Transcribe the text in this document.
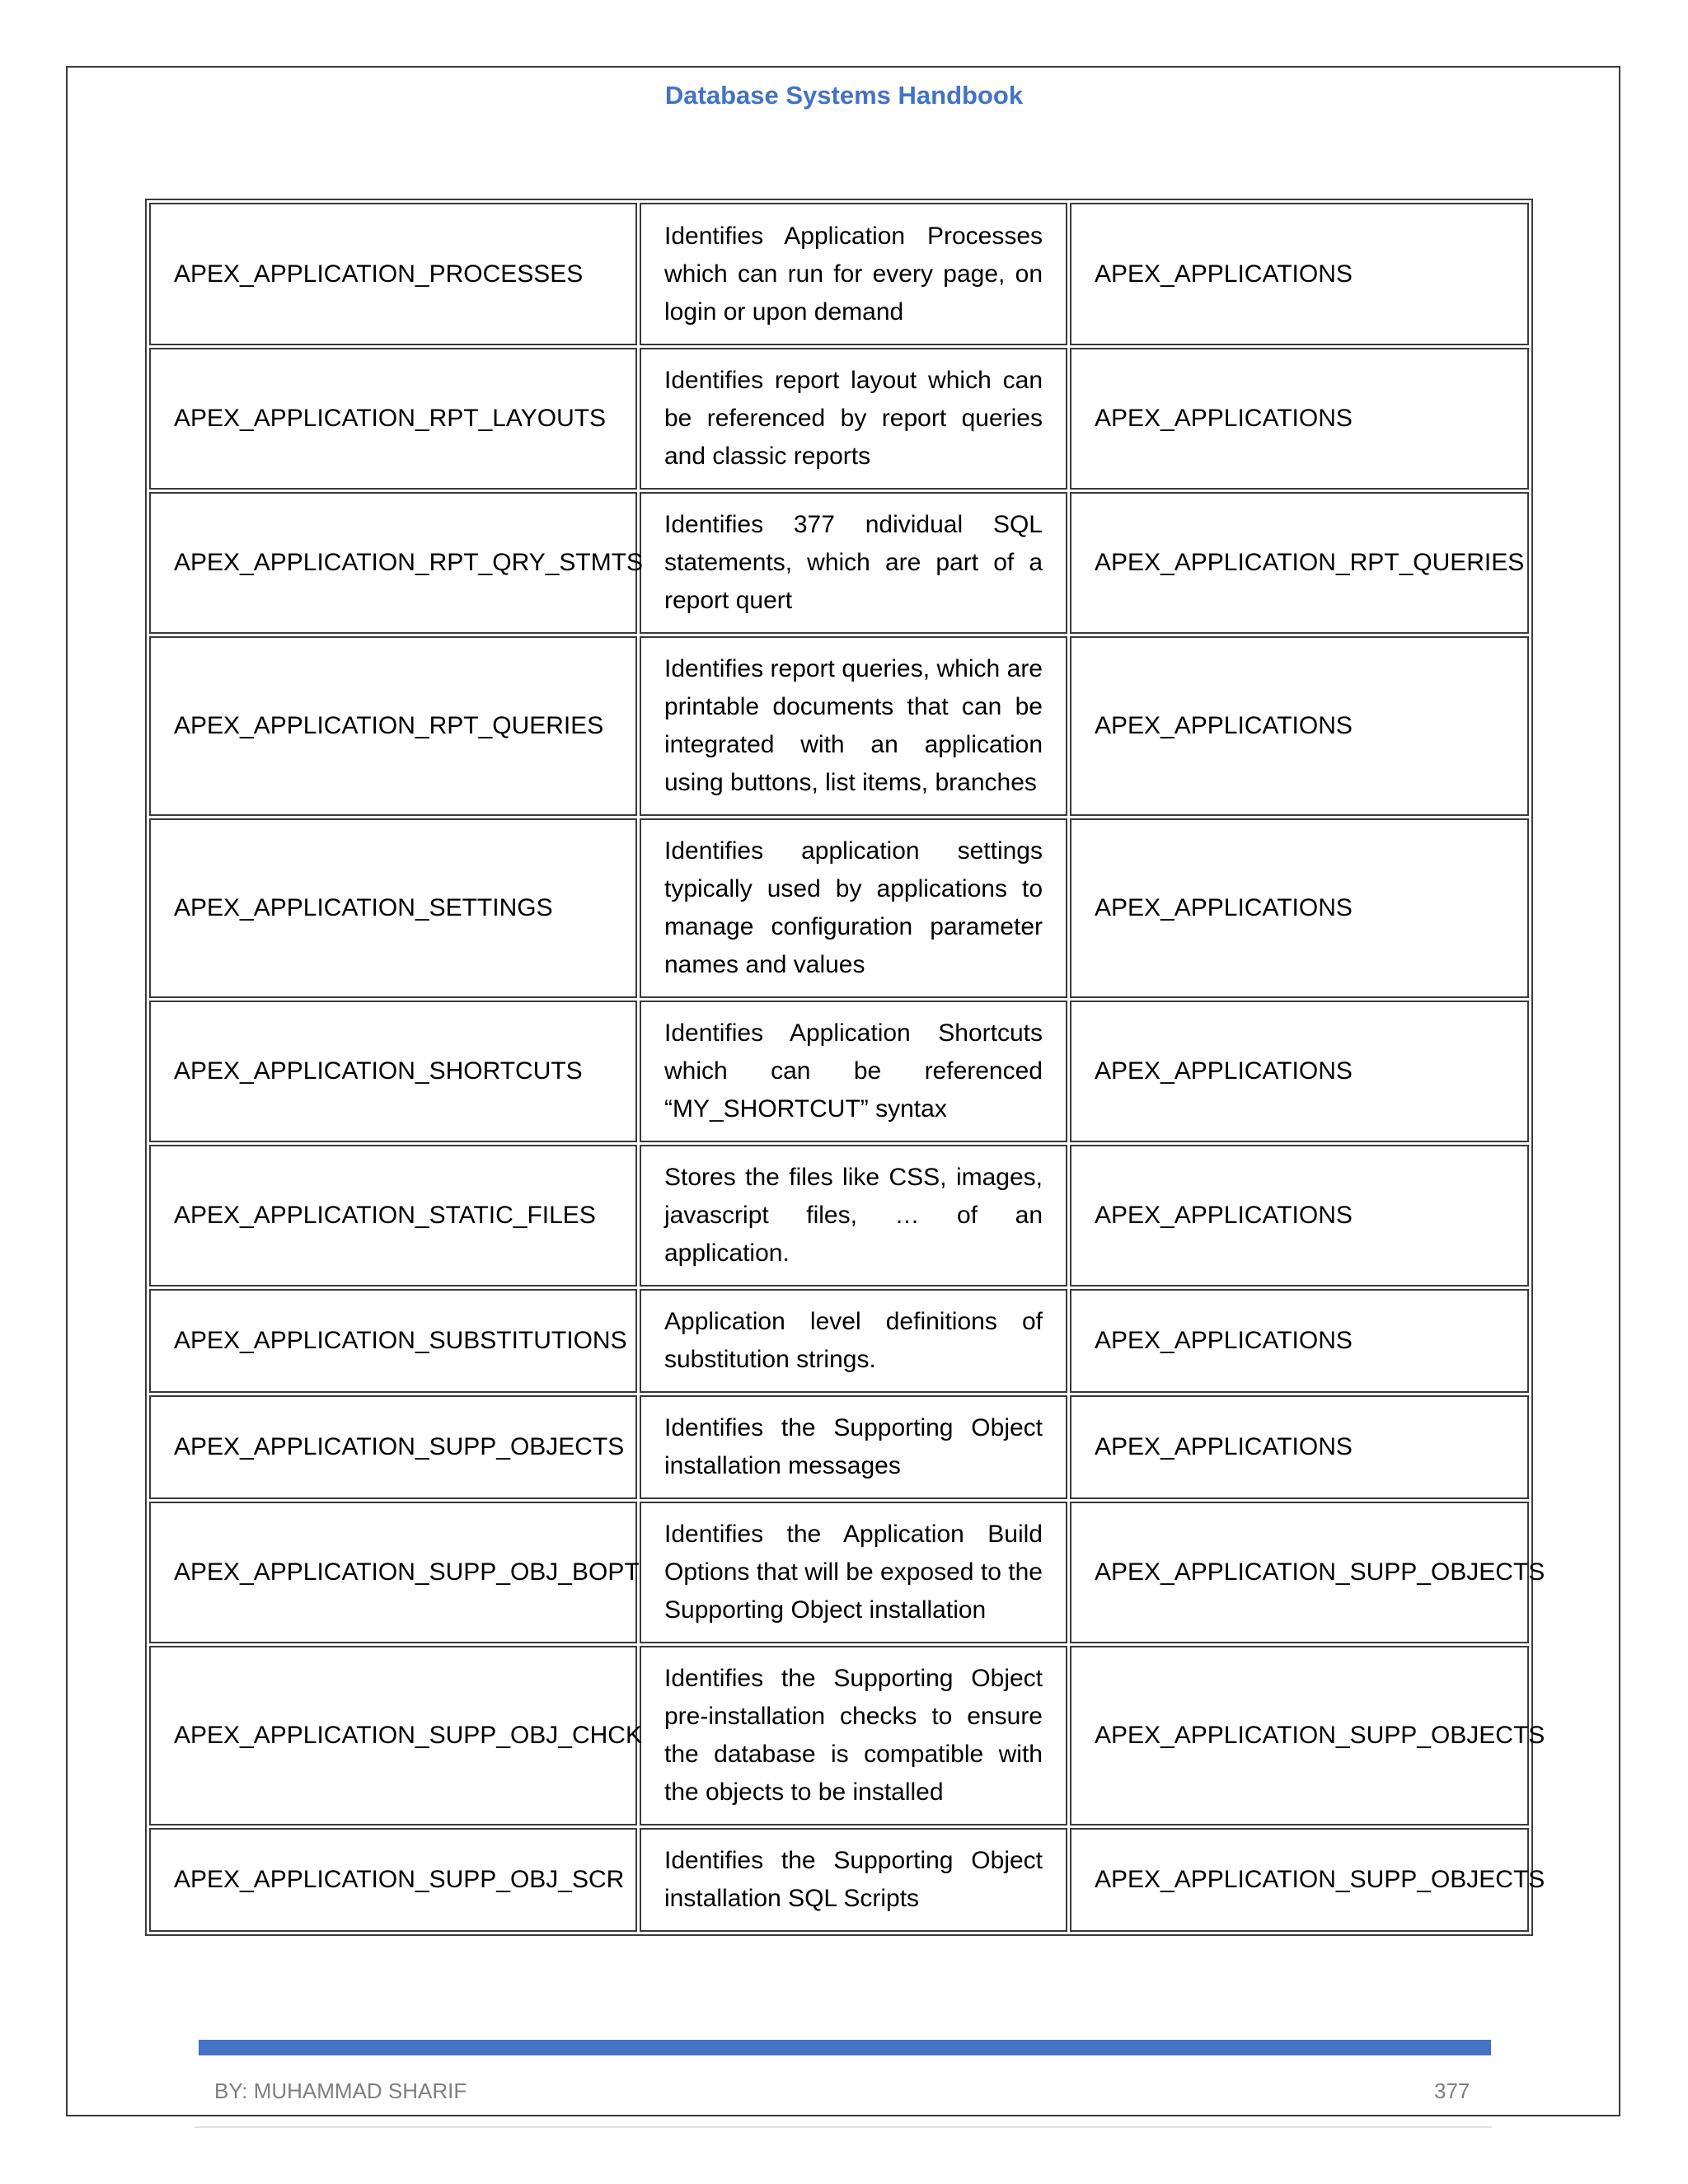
Database Systems Handbook
APEX_APPLICATION_PROCESSES	Identifies Application Processes which can run for every page, on login or upon demand	APEX_APPLICATIONS
APEX_APPLICATION_RPT_LAYOUTS	Identifies report layout which can be referenced by report queries and classic reports	APEX_APPLICATIONS
APEX_APPLICATION_RPT_QRY_STMTS	Identifies 377 ndividual SQL statements, which are part of a report quert	APEX_APPLICATION_RPT_QUERIES
APEX_APPLICATION_RPT_QUERIES	Identifies report queries, which are printable documents that can be integrated with an application using buttons, list items, branches	APEX_APPLICATIONS
APEX_APPLICATION_SETTINGS	Identifies application settings typically used by applications to manage configuration parameter names and values	APEX_APPLICATIONS
APEX_APPLICATION_SHORTCUTS	Identifies Application Shortcuts which can be referenced “MY_SHORTCUT” syntax	APEX_APPLICATIONS
APEX_APPLICATION_STATIC_FILES	Stores the files like CSS, images, javascript files, … of an application.	APEX_APPLICATIONS
APEX_APPLICATION_SUBSTITUTIONS	Application level definitions of substitution strings.	APEX_APPLICATIONS
APEX_APPLICATION_SUPP_OBJECTS	Identifies the Supporting Object installation messages	APEX_APPLICATIONS
APEX_APPLICATION_SUPP_OBJ_BOPT	Identifies the Application Build Options that will be exposed to the Supporting Object installation	APEX_APPLICATION_SUPP_OBJECTS
APEX_APPLICATION_SUPP_OBJ_CHCK	Identifies the Supporting Object pre-installation checks to ensure the database is compatible with the objects to be installed	APEX_APPLICATION_SUPP_OBJECTS
APEX_APPLICATION_SUPP_OBJ_SCR	Identifies the Supporting Object installation SQL Scripts	APEX_APPLICATION_SUPP_OBJECTS
BY: MUHAMMAD SHARIF	377
